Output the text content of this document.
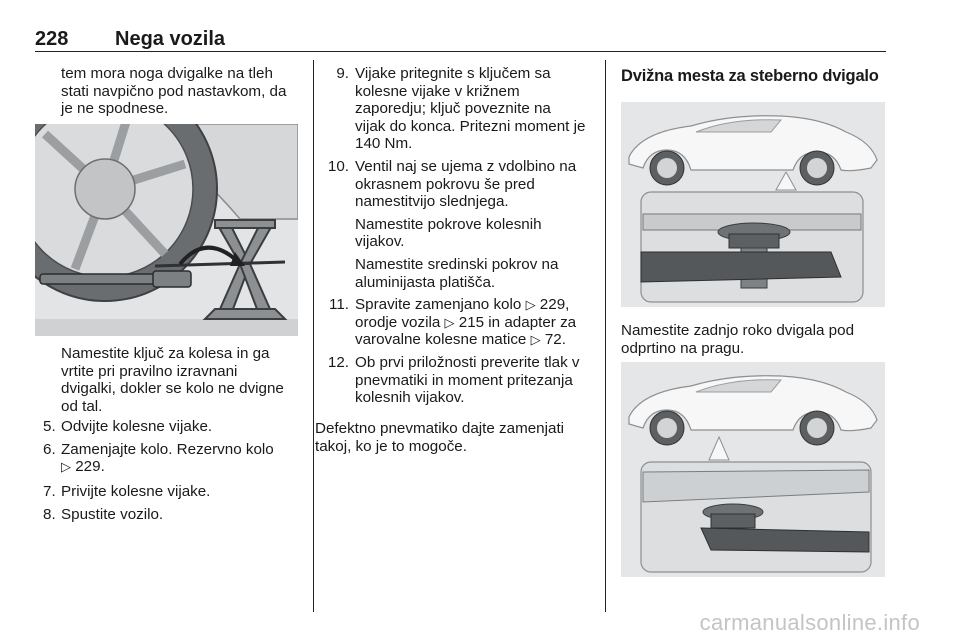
228 Nega vozila

tem mora noga dvigalke na tleh

stati navpično pod nastavkom, da

je ne spodnese.

Namestite ključ za kolesa in ga

vrtite pri pravilno izravnani

dvigalki, dokler se kolo ne dvigne

od tal.

5. Odvijte kolesne vijake.

6. Zamenjajte kolo. Rezervno kolo

▷ 229.

7. Privijte kolesne vijake.

8. Spustite vozilo.

9. Vijake pritegnite s ključem sa

kolesne vijake v križnem

zaporedju; ključ poveznite na

vijak do konca. Pritezni moment je

140 Nm.

10. Ventil naj se ujema z vdolbino na

okrasnem pokrovu še pred

namestitvijo slednjega.

Namestite pokrove kolesnih

vijakov.

Namestite sredinski pokrov na

aluminijasta platišča.

11. Spravite zamenjano kolo ▷ 229,

orodje vozila ▷ 215 in adapter za

varovalne kolesne matice ▷ 72.

12. Ob prvi priložnosti preverite tlak v

pnevmatiki in moment pritezanja

kolesnih vijakov.

Defektno pnevmatiko dajte zamenjati

takoj, ko je to mogoče.

Dvižna mesta za steberno dvigalo

Namestite zadnjo roko dvigala pod

odprtino na pragu.

carmanualsonline.info
